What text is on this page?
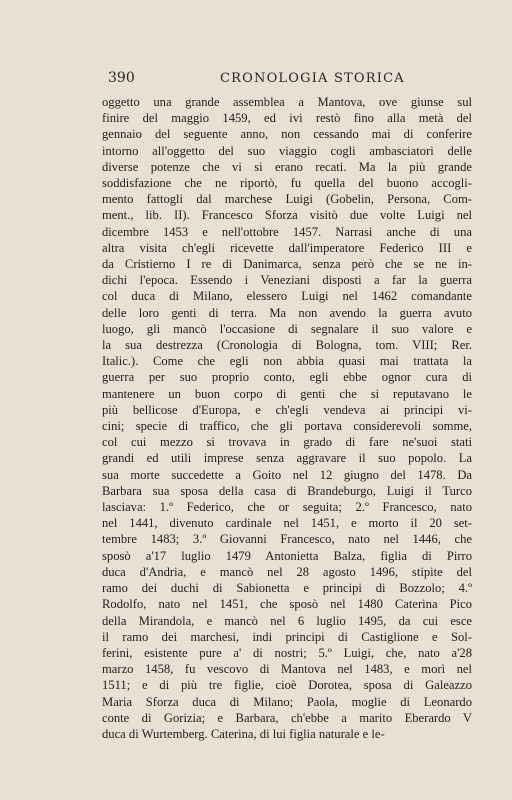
390	CRONOLOGIA STORICA
oggetto una grande assemblea a Mantova, ove giunse sul
finire del maggio 1459, ed ivi restò fino alla metà del
gennaio del seguente anno, non cessando mai di conferire
intorno all'oggetto del suo viaggio cogli ambasciatori delle
diverse potenze che vi si erano recati. Ma la più grande
soddisfazione che ne riportò, fu quella del buono accogli-
mento fattogli dal marchese Luigi (Gobelin, Persona, Com-
ment., lib. II). Francesco Sforza visitò due volte Luigi nel
dicembre 1453 e nell'ottobre 1457. Narrasi anche di una
altra visita ch'egli ricevette dall'imperatore Federico III e
da Cristierno I re di Danimarca, senza però che se ne in-
dichi l'epoca. Essendo i Veneziani disposti a far la guerra
col duca di Milano, elessero Luigi nel 1462 comandante
delle loro genti di terra. Ma non avendo la guerra avuto
luogo, gli mancò l'occasione di segnalare il suo valore e
la sua destrezza (Cronologia di Bologna, tom. VIII; Rer.
Italic.). Come che egli non abbia quasi mai trattata la
guerra per suo proprio conto, egli ebbe ognor cura di
mantenere un buon corpo di genti che si reputavano le
più bellicose d'Europa, e ch'egli vendeva ai principi vi-
cini; specie di traffico, che gli portava considerevoli somme,
col cui mezzo si trovava in grado di fare ne'suoi stati
grandi ed utili imprese senza aggravare il suo popolo. La
sua morte succedette a Goito nel 12 giugno del 1478. Da
Barbara sua sposa della casa di Brandeburgo, Luigi il Turco
lasciava: 1.º Federico, che or seguita; 2.º Francesco, nato
nel 1441, divenuto cardinale nel 1451, e morto il 20 set-
tembre 1483; 3.º Giovanni Francesco, nato nel 1446, che
sposò a'17 luglio 1479 Antonietta Balza, figlia di Pirro
duca d'Andria, e mancò nel 28 agosto 1496, stipite del
ramo dei duchi di Sabionetta e principi di Bozzolo; 4.º
Rodolfo, nato nel 1451, che sposò nel 1480 Caterina Pico
della Mirandola, e mancò nel 6 luglio 1495, da cui esce
il ramo dei marchesi, indi principi di Castiglione e Sol-
ferini, esistente pure a' di nostri; 5.º Luigi, che, nato a'28
marzo 1458, fu vescovo di Mantova nel 1483, e morì nel
1511; e di più tre figlie, cioè Dorotea, sposa di Galeazzo
Maria Sforza duca di Milano; Paola, moglie di Leonardo
conte di Gorizia; e Barbara, ch'ebbe a marito Eberardo V
duca di Wurtemberg. Caterina, di lui figlia naturale e le-
